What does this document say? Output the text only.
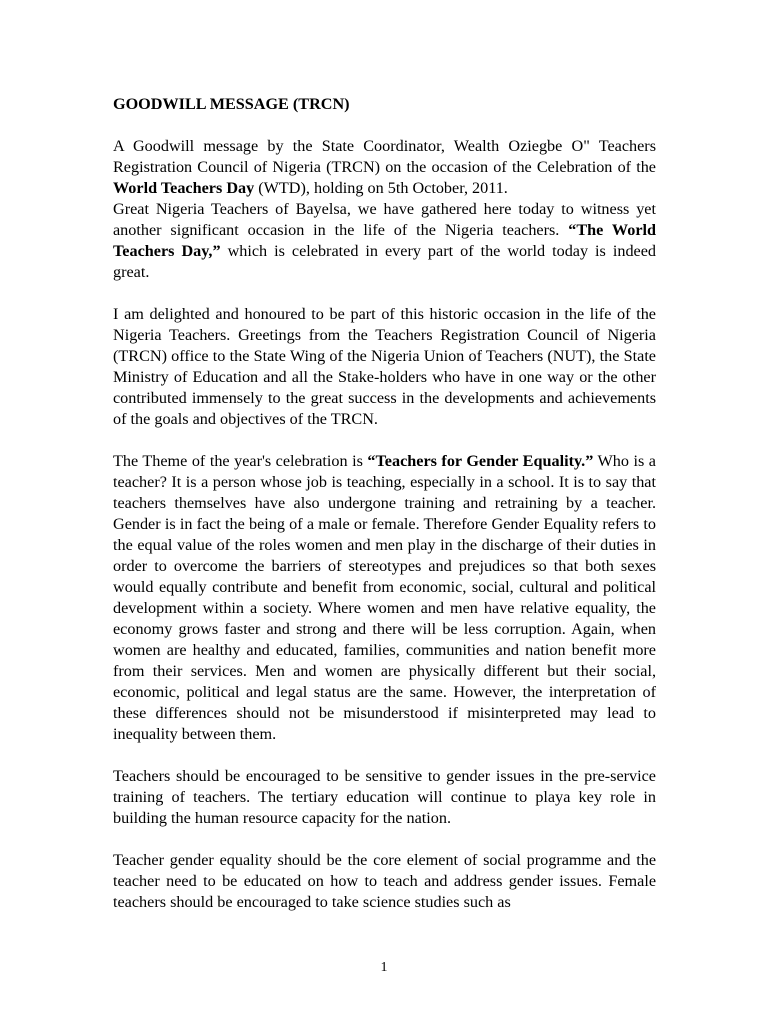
GOODWILL MESSAGE (TRCN)

A Goodwill message by the State Coordinator, Wealth Oziegbe O" Teachers Registration Council of Nigeria (TRCN) on the occasion of the Celebration of the World Teachers Day (WTD), holding on 5th October, 2011.

Great Nigeria Teachers of Bayelsa, we have gathered here today to witness yet another significant occasion in the life of the Nigeria teachers. “The World Teachers Day,” which is celebrated in every part of the world today is indeed great.

I am delighted and honoured to be part of this historic occasion in the life of the Nigeria Teachers. Greetings from the Teachers Registration Council of Nigeria (TRCN) office to the State Wing of the Nigeria Union of Teachers (NUT), the State Ministry of Education and all the Stake-holders who have in one way or the other contributed immensely to the great success in the developments and achievements of the goals and objectives of the TRCN.

The Theme of the year's celebration is “Teachers for Gender Equality.” Who is a teacher? It is a person whose job is teaching, especially in a school. It is to say that teachers themselves have also undergone training and retraining by a teacher. Gender is in fact the being of a male or female. Therefore Gender Equality refers to the equal value of the roles women and men play in the discharge of their duties in order to overcome the barriers of stereotypes and prejudices so that both sexes would equally contribute and benefit from economic, social, cultural and political development within a society. Where women and men have relative equality, the economy grows faster and strong and there will be less corruption. Again, when women are healthy and educated, families, communities and nation benefit more from their services. Men and women are physically different but their social, economic, political and legal status are the same. However, the interpretation of these differences should not be misunderstood if misinterpreted may lead to inequality between them.

Teachers should be encouraged to be sensitive to gender issues in the pre-service training of teachers. The tertiary education will continue to playa key role in building the human resource capacity for the nation.

Teacher gender equality should be the core element of social programme and the teacher need to be educated on how to teach and address gender issues. Female teachers should be encouraged to take science studies such as

1
